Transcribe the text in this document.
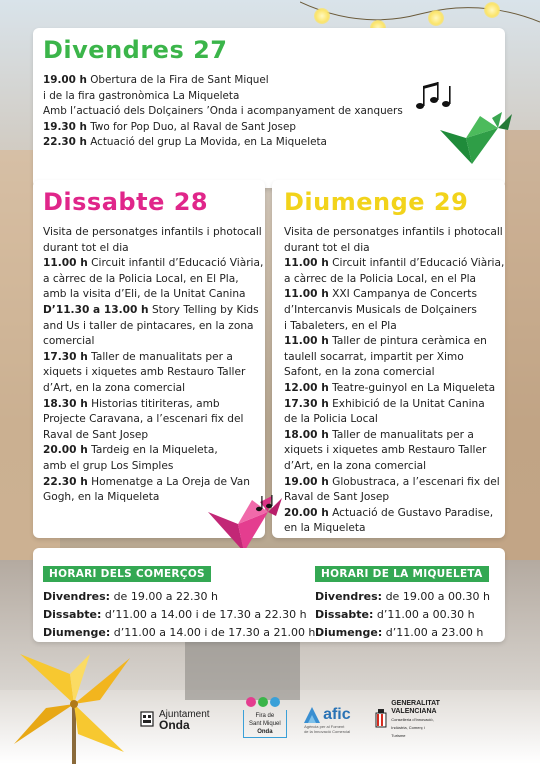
Divendres 27
19.00 h Obertura de la Fira de Sant Miquel
i de la fira gastronòmica La Miqueleta
Amb l’actuació dels Dolçainers ’Onda i acompanyament de xanquers
19.30 h Two for Pop Duo, al Raval de Sant Josep
22.30 h Actuació del grup La Movida, en La Miqueleta
Dissabte 28
Visita de personatges infantils i photocall
durant tot el dia
11.00 h Circuit infantil d’Educació Viària,
a càrrec de la Policia Local, en El Pla,
amb la visita d’Eli, de la Unitat Canina
D’11.30 a 13.00 h Story Telling by Kids
and Us i taller de pintacares, en la zona
comercial
17.30 h Taller de manualitats per a
xiquets i xiquetes amb Restauro Taller
d’Art, en la zona comercial
18.30 h Historias titiriteras, amb
Projecte Caravana, a l’escenari fix del
Raval de Sant Josep
20.00 h Tardeig en la Miqueleta,
amb el grup Los Simples
22.30 h Homenatge a La Oreja de Van
Gogh, en la Miqueleta
Diumenge 29
Visita de personatges infantils i photocall
durant tot el dia
11.00 h Circuit infantil d’Educació Viària,
a càrrec de la Policia Local, en el Pla
11.00 h XXI Campanya de Concerts
d’Intercanvis Musicals de Dolçainers
i Tabaleters, en el Pla
11.00 h Taller de pintura ceràmica en
taulell socarrat, impartit per Ximo
Safont, en la zona comercial
12.00 h Teatre-guinyol en La Miqueleta
17.30 h Exhibició de la Unitat Canina
de la Policia Local
18.00 h Taller de manualitats per a
xiquets i xiquetes amb Restauro Taller
d’Art, en la zona comercial
19.00 h Globustraca, a l’escenari fix del
Raval de Sant Josep
20.00 h Actuació de Gustavo Paradise,
en la Miqueleta
HORARI DELS COMERÇOS
Divendres: de 19.00 a 22.30 h
Dissabte: d’11.00 a 14.00 i de 17.30 a 22.30 h
Diumenge: d’11.00 a 14.00 i de 17.30 a 21.00 h
HORARI DE LA MIQUELETA
Divendres: de 19.00 a 00.30 h
Dissabte: d’11.00 a 00.30 h
Diumenge: d’11.00 a 23.00 h
Ajuntament
Onda
Fira de
Sant Miquel
Onda
afic
Agència per al Foment
de la Innovació Comercial
GENERALITAT
VALENCIANA
Conselleria d’Innovació,
Indústria, Comerç i Turisme
